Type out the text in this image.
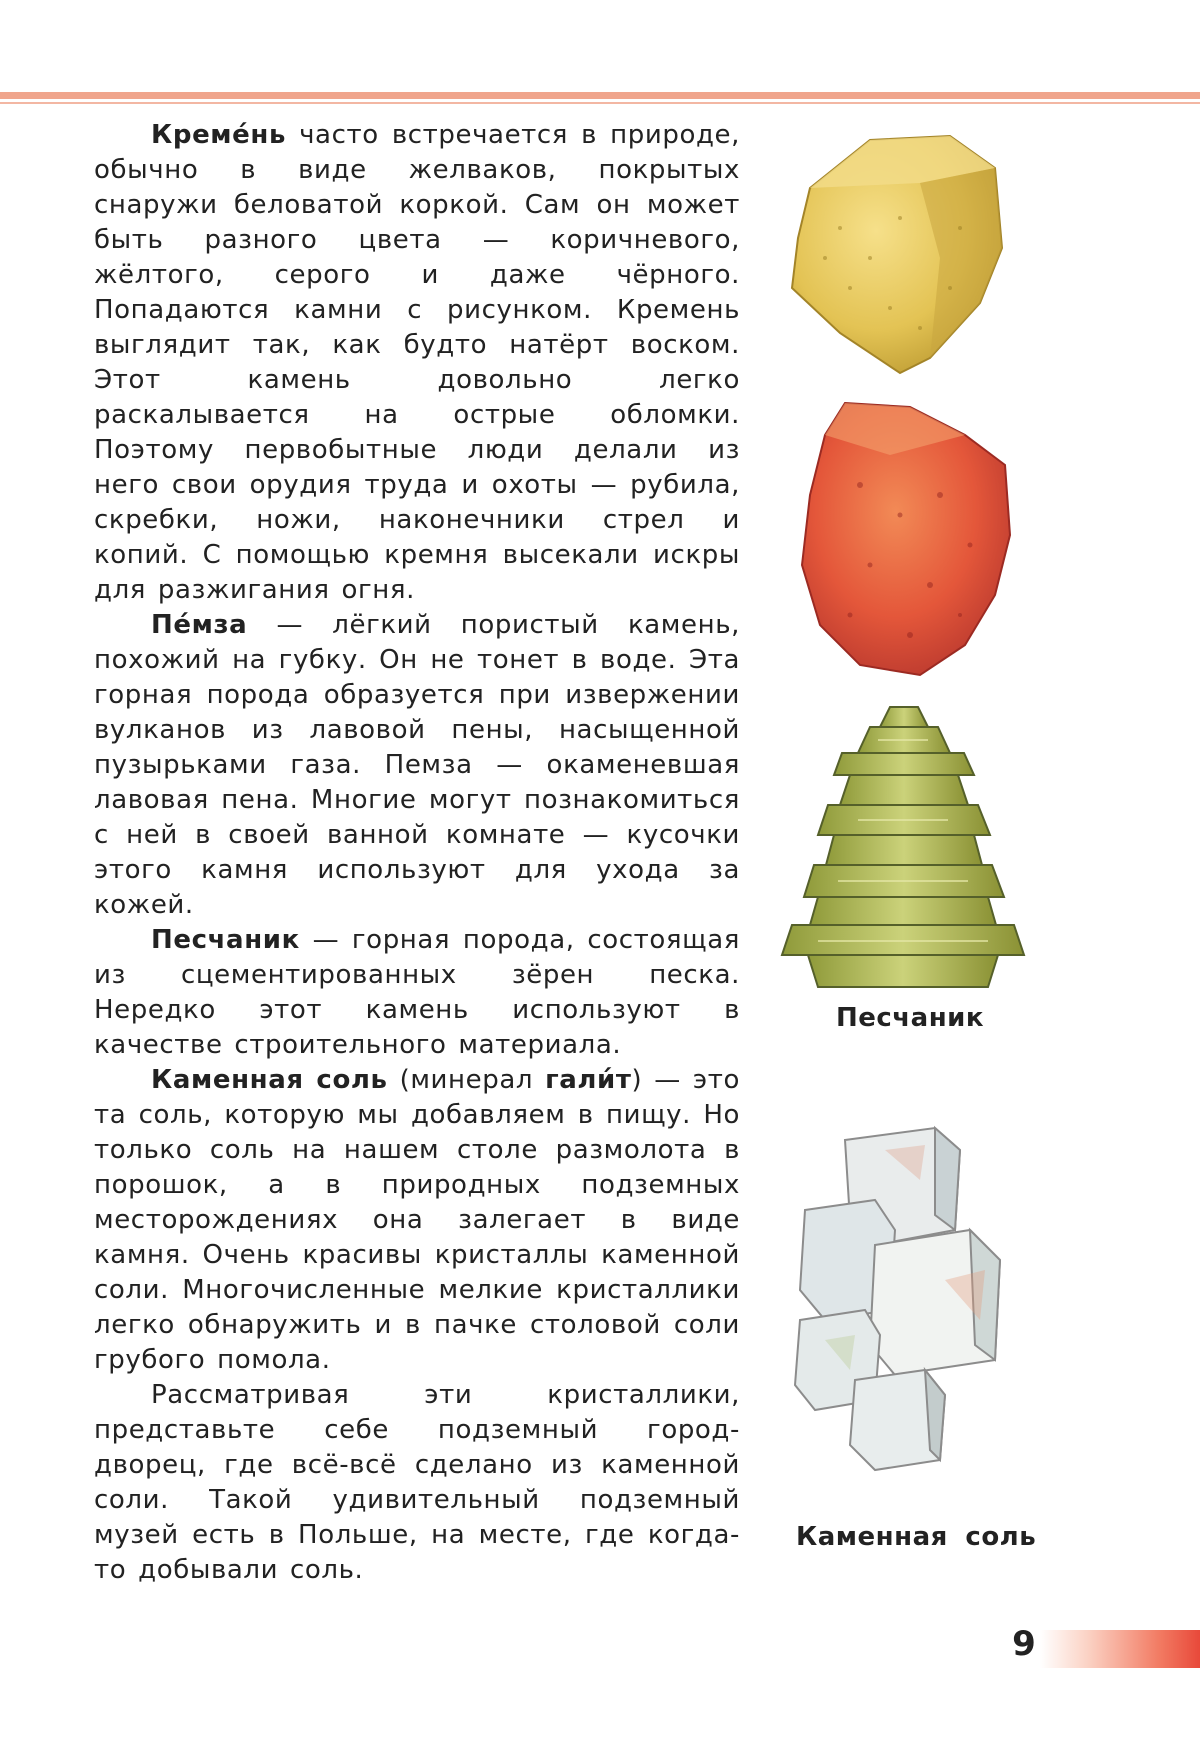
Кремéнь часто встречается в природе, обычно в виде желваков, покрытых снаружи беловатой коркой. Сам он может быть разного цвета — коричневого, жёлтого, серого и даже чёрного. Попадаются камни с рисунком. Кремень выглядит так, как будто натёрт воском. Этот камень довольно легко раскалывается на острые обломки. Поэтому первобытные люди делали из него свои орудия труда и охоты — рубила, скребки, ножи, наконечники стрел и копий. С помощью кремня высекали искры для разжигания огня.

Пéмза — лёгкий пористый камень, похожий на губку. Он не тонет в воде. Эта горная порода образуется при извержении вулканов из лавовой пены, насыщенной пузырьками газа. Пемза — окаменевшая лавовая пена. Многие могут познакомиться с ней в своей ванной комнате — кусочки этого камня используют для ухода за кожей.

Песчаник — горная порода, состоящая из сцементированных зёрен песка. Нередко этот камень используют в качестве строительного материала.

Каменная соль (минерал гали́т) — это та соль, которую мы добавляем в пищу. Но только соль на нашем столе размолота в порошок, а в природных подземных месторождениях она залегает в виде камня. Очень красивы кристаллы каменной соли. Многочисленные мелкие кристаллики легко обнаружить и в пачке столовой соли грубого помола.

Рассматривая эти кристаллики, представьте себе подземный город-дворец, где всё-всё сделано из каменной соли. Такой удивительный подземный музей есть в Польше, на месте, где когда-то добывали соль.

Песчаник
Каменная соль
9
